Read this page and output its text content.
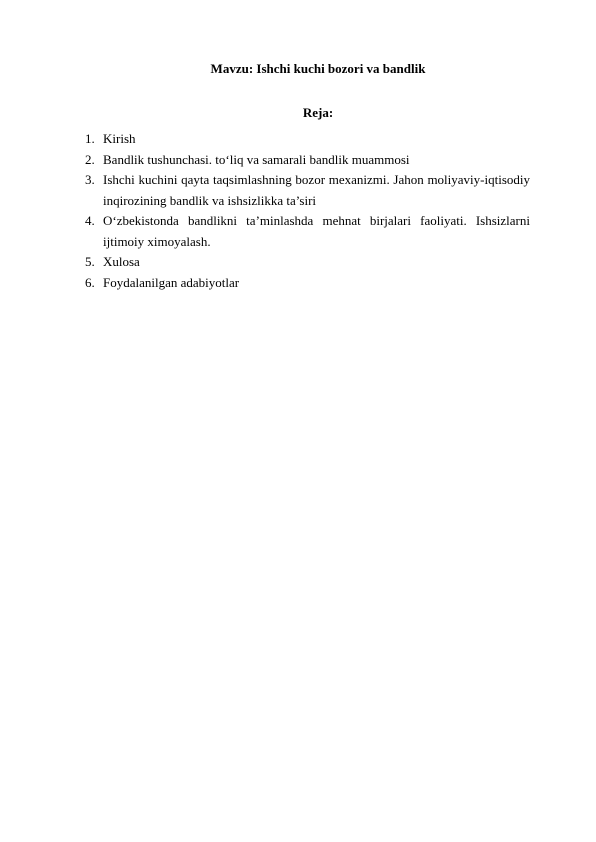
Mavzu: Ishchi kuchi bozori va bandlik

Reja:

1. Kirish
2. Bandlik tushunchasi. to‘liq va samarali bandlik muammosi
3. Ishchi kuchini qayta taqsimlashning bozor mexanizmi. Jahon moliyaviy-iqtisodiy inqirozining bandlik va ishsizlikka ta’siri
4. O‘zbekistonda bandlikni ta’minlashda mehnat birjalari faoliyati. Ishsizlarni ijtimoiy ximoyalash.
5. Xulosa
6. Foydalanilgan adabiyotlar
